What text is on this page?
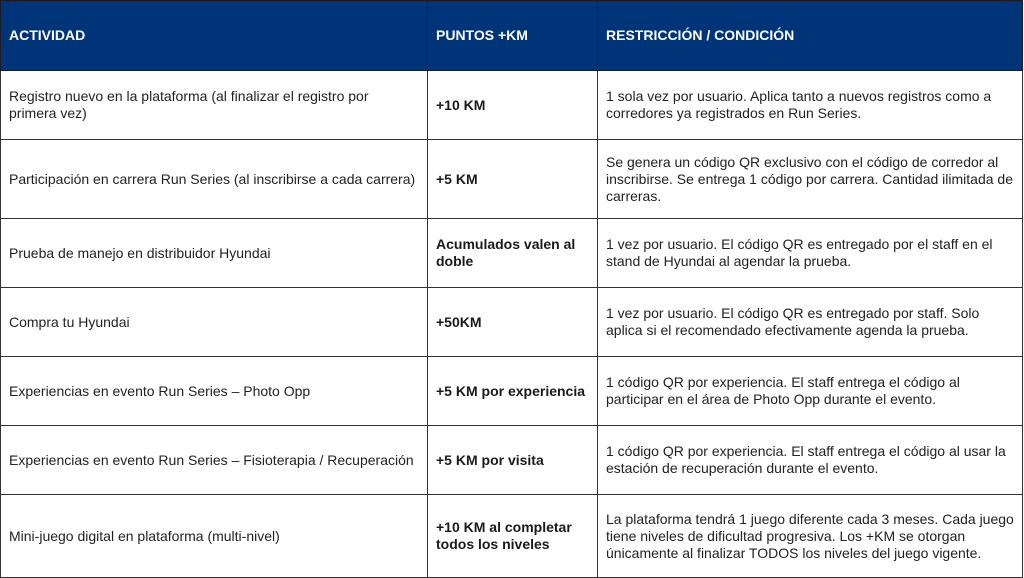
ACTIVIDAD	PUNTOS +KM	RESTRICCIÓN / CONDICIÓN
Registro nuevo en la plataforma (al finalizar el registro por primera vez)	+10 KM	1 sola vez por usuario. Aplica tanto a nuevos registros como a corredores ya registrados en Run Series.
Participación en carrera Run Series (al inscribirse a cada carrera)	+5 KM	Se genera un código QR exclusivo con el código de corredor al inscribirse. Se entrega 1 código por carrera. Cantidad ilimitada de carreras.
Prueba de manejo en distribuidor Hyundai	Acumulados valen al doble	1 vez por usuario. El código QR es entregado por el staff en el stand de Hyundai al agendar la prueba.
Compra tu Hyundai	+50KM	1 vez por usuario. El código QR es entregado por staff. Solo aplica si el recomendado efectivamente agenda la prueba.
Experiencias en evento Run Series – Photo Opp	+5 KM por experiencia	1 código QR por experiencia. El staff entrega el código al participar en el área de Photo Opp durante el evento.
Experiencias en evento Run Series – Fisioterapia / Recuperación	+5 KM por visita	1 código QR por experiencia. El staff entrega el código al usar la estación de recuperación durante el evento.
Mini-juego digital en plataforma (multi-nivel)	+10 KM al completar todos los niveles	La plataforma tendrá 1 juego diferente cada 3 meses. Cada juego tiene niveles de dificultad progresiva. Los +KM se otorgan únicamente al finalizar TODOS los niveles del juego vigente.
